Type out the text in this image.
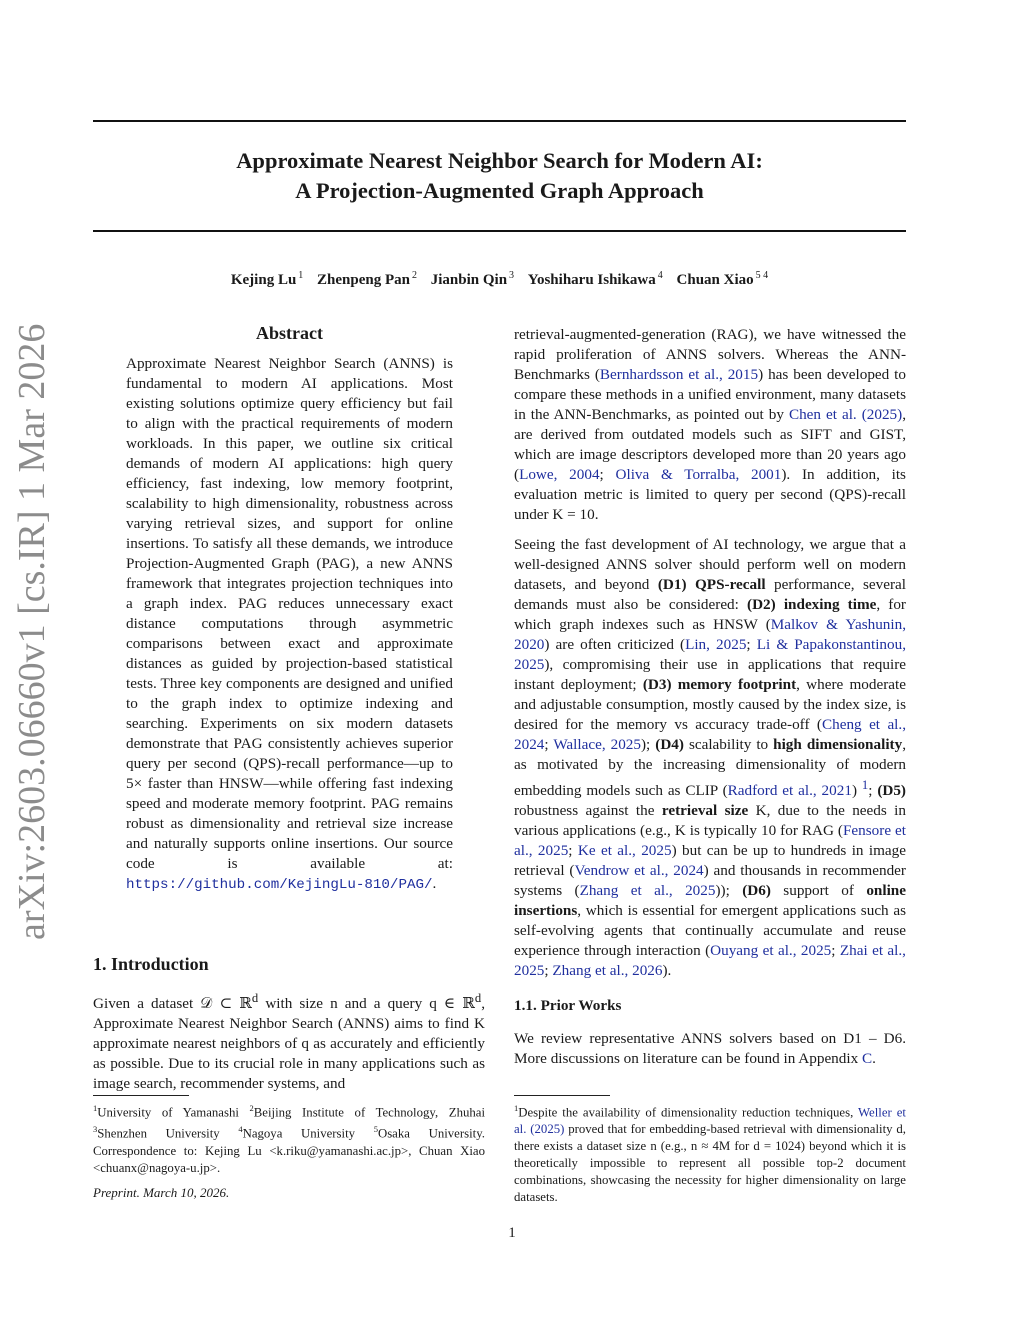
Approximate Nearest Neighbor Search for Modern AI:
A Projection-Augmented Graph Approach
Kejing Lu $^1$ Zhenpeng Pan $^2$ Jianbin Qin $^3$ Yoshiharu Ishikawa $^4$ Chuan Xiao $^{5 4}$
arXiv:2603.06660v1 [cs.IR] 1 Mar 2026	Abstract

Approximate Nearest Neighbor Search (ANNS) is fundamental to modern AI applications. Most existing solutions optimize query efficiency but fail to align with the practical requirements of modern workloads. In this paper, we outline six critical demands of modern AI applications: high query efficiency, fast indexing, low memory footprint, scalability to high dimensionality, robustness across varying retrieval sizes, and support for online insertions. To satisfy all these demands, we introduce Projection-Augmented Graph (PAG), a new ANNS framework that integrates projection techniques into a graph index. PAG reduces unnecessary exact distance computations through asymmetric comparisons between exact and approximate distances as guided by projection-based statistical tests. Three key components are designed and unified to the graph index to optimize indexing and searching. Experiments on six modern datasets demonstrate that PAG consistently achieves superior query per second (QPS)-recall performance—up to 5× faster than HNSW—while offering fast indexing speed and moderate memory footprint. PAG remains robust as dimensionality and retrieval size increase and naturally supports online insertions. Our source code is available at: https://github.com/KejingLu-810/PAG/.

1. Introduction

Given a dataset 𝒟 ⊂ ℝ$^d$ with size n and a query q ∈ ℝ$^d$, Approximate Nearest Neighbor Search (ANNS) aims to find K approximate nearest neighbors of q as accurately and efficiently as possible. Due to its crucial role in many applications such as image search, recommender systems, and

retrieval-augmented-generation (RAG), we have witnessed the rapid proliferation of ANNS solvers. Whereas the ANN-Benchmarks (Bernhardsson et al., 2015) has been developed to compare these methods in a unified environment, many datasets in the ANN-Benchmarks, as pointed out by Chen et al. (2025), are derived from outdated models such as SIFT and GIST, which are image descriptors developed more than 20 years ago (Lowe, 2004; Oliva & Torralba, 2001). In addition, its evaluation metric is limited to query per second (QPS)-recall under K = 10.

Seeing the fast development of AI technology, we argue that a well-designed ANNS solver should perform well on modern datasets, and beyond (D1) QPS-recall performance, several demands must also be considered: (D2) indexing time, for which graph indexes such as HNSW (Malkov & Yashunin, 2020) are often criticized (Lin, 2025; Li & Papakonstantinou, 2025), compromising their use in applications that require instant deployment; (D3) memory footprint, where moderate and adjustable consumption, mostly caused by the index size, is desired for the memory vs accuracy trade-off (Cheng et al., 2024; Wallace, 2025); (D4) scalability to high dimensionality, as motivated by the increasing dimensionality of modern embedding models such as CLIP (Radford et al., 2021) $^1$; (D5) robustness against the retrieval size K, due to the needs in various applications (e.g., K is typically 10 for RAG (Fensore et al., 2025; Ke et al., 2025) but can be up to hundreds in image retrieval (Vendrow et al., 2024) and thousands in recommender systems (Zhang et al., 2025)); (D6) support of online insertions, which is essential for emergent applications such as self-evolving agents that continually accumulate and reuse experience through interaction (Ouyang et al., 2025; Zhai et al., 2025; Zhang et al., 2026).

1.1. Prior Works

We review representative ANNS solvers based on D1 – D6. More discussions on literature can be found in Appendix C.

$^1$University of Yamanashi $^2$Beijing Institute of Technology, Zhuhai $^3$Shenzhen University $^4$Nagoya University $^5$Osaka University. Correspondence to: Kejing Lu <k.riku@yamanashi.ac.jp>, Chuan Xiao <chuanx@nagoya-u.jp>.

$^1$Despite the availability of dimensionality reduction techniques, Weller et al. (2025) proved that for embedding-based retrieval with dimensionality d, there exists a dataset size n (e.g., n ≈ 4M for d = 1024) beyond which it is theoretically impossible to represent all possible top-2 document combinations, showcasing the necessity for higher dimensionality on large datasets.

Preprint. March 10, 2026.

1
